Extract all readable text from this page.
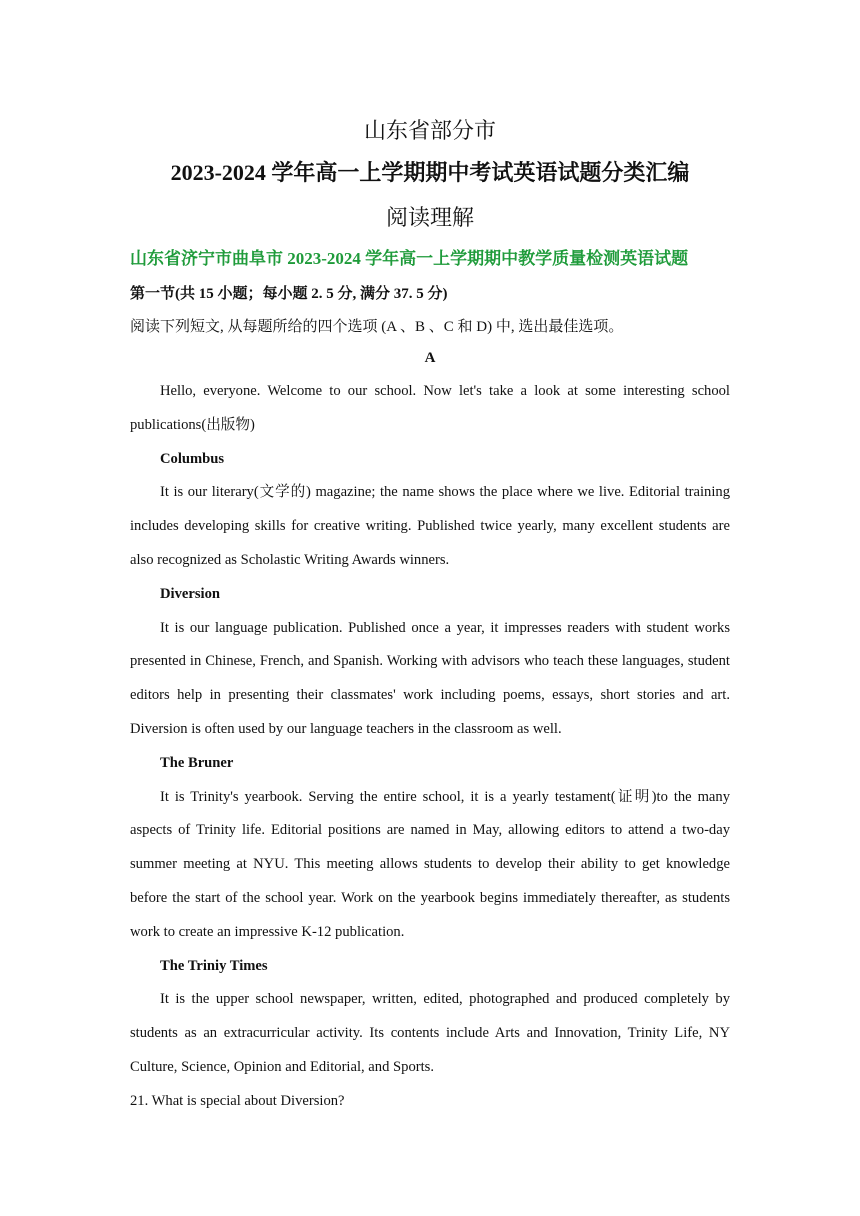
山东省部分市
2023-2024 学年高一上学期期中考试英语试题分类汇编
阅读理解
山东省济宁市曲阜市 2023-2024 学年高一上学期期中教学质量检测英语试题
第一节(共 15 小题；每小题 2. 5 分, 满分 37. 5 分)
阅读下列短文, 从每题所给的四个选项 (A 、B 、C 和 D) 中, 选出最佳选项。
A

Hello, everyone. Welcome to our school. Now let's take a look at some interesting school publications(出版物)

Columbus

It is our literary(文学的) magazine; the name shows the place where we live. Editorial training includes developing skills for creative writing. Published twice yearly, many excellent students are also recognized as Scholastic Writing Awards winners.

Diversion

It is our language publication. Published once a year, it impresses readers with student works presented in Chinese, French, and Spanish. Working with advisors who teach these languages, student editors help in presenting their classmates' work including poems, essays, short stories and art. Diversion is often used by our language teachers in the classroom as well.

The Bruner

It is Trinity's yearbook. Serving the entire school, it is a yearly testament(证明)to the many aspects of Trinity life. Editorial positions are named in May, allowing editors to attend a two-day summer meeting at NYU. This meeting allows students to develop their ability to get knowledge before the start of the school year. Work on the yearbook begins immediately thereafter, as students work to create an impressive K-12 publication.

The Triniy Times

It is the upper school newspaper, written, edited, photographed and produced completely by students as an extracurricular activity. Its contents include Arts and Innovation, Trinity Life, NY Culture, Science, Opinion and Editorial, and Sports.

21. What is special about Diversion?
